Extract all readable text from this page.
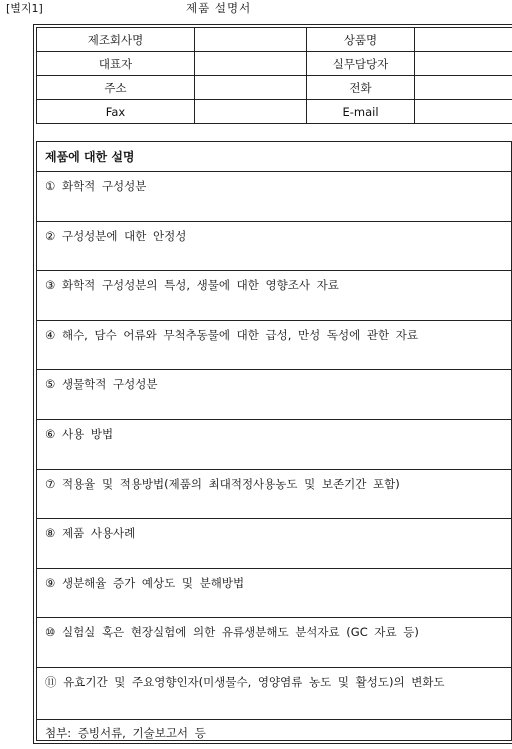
[별지1]	제품 설명서
제조회사명		상품명	
대표자		실무담당자	
주소		전화	
Fax		E-mail	
제품에 대한 설명
① 화학적 구성성분
② 구성성분에 대한 안정성
③ 화학적 구성성분의 특성, 생물에 대한 영향조사 자료
④ 해수, 담수 어류와 무척추동물에 대한 급성, 만성 독성에 관한 자료
⑤ 생물학적 구성성분
⑥ 사용 방법
⑦ 적용율 및 적용방법(제품의 최대적정사용농도 및 보존기간 포함)
⑧ 제품 사용사례
⑨ 생분해율 증가 예상도 및 분해방법
⑩ 실험실 혹은 현장실험에 의한 유류생분해도 분석자료 (GC 자료 등)
⑪ 유효기간 및 주요영향인자(미생물수, 영양염류 농도 및 활성도)의 변화도
첨부: 증빙서류, 기술보고서 등
